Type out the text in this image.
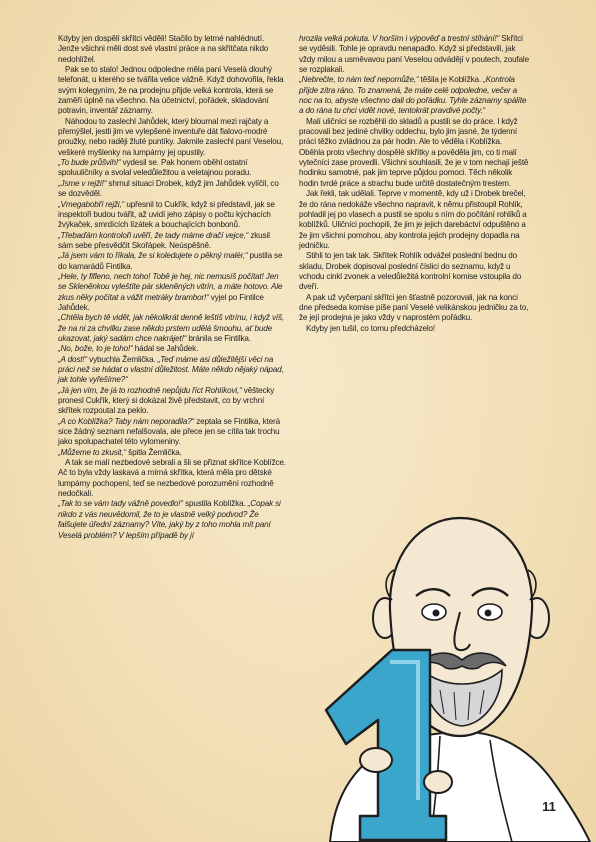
Kdyby jen dospělí skřítci věděli! Stačilo by letmé nahlédnutí. Jenže všichni měli dost své vlastní práce a na skřítčata nikdo nedohlížel.

Pak se to stalo! Jednou odpoledne měla paní Veselá dlouhý telefonát, u kterého se tvářila velice vážně. Když dohovořila, řekla svým kolegyním, že na prodejnu přijde velká kontrola, která se zaměří úplně na všechno. Na účetnictví, pořádek, skladování potravin, inventář záznamy.

Náhodou to zaslechl Jahůdek, který bloumal mezi rajčaty a přemýšlel, jestli jim ve vylepšené inventuře dát fialovo-modré proužky, nebo raději žluté puntíky. Jakmile zaslechl paní Veselou, veškeré myšlenky na lumpárny jej opustily.

„To bude průšvih!“ vydesil se. Pak honem oběhl ostatní spoluuličníky a svolal veledůležitou a veletajnou poradu.

„Jsme v rejži!“ shrnul situaci Drobek, když jim Jahůdek vylíčil, co se dozvěděl.

„Vmegabobří rejži,“ upřesnil to Cukřík, když si představil, jak se inspektoři budou tvářit, až uvidí jeho zápisy o počtu kýchacích žvýkaček, smrdících lízátek a bouchajících bonbonů.

„Třebaďám kontroloři uvěří, že tady máme dračí vejce,“ zkusil sám sebe přesvědčit Skořápek. Neúspěšně.

„Já jsem vám to říkala, že si koledujete o pěkný malér,“ pustila se do kamarádů Fintilka.

„Hele, ty fiflenо, nech toho! Tobě je hej, nic nemusíš počítat! Jen se Skleněnkou vyleštíte pár skleněných vitrín, a máte hotovo. Ale zkus něky počítat a vážit metráky brambor!“ vyjel po Fintilce Jahůdek.

„Chtěla bych tě vidět, jak několikrát denně leštíš vitrínu, i když víš, že na ni za chvilku zase někdo prstem udělá šmouhu, ať bude ukazovat, jaký sadám chce nakrájet!“ bránila se Fintilka.

„No, bože, to je toho!“ hádal se Jahůdek.

„A dost!“ vybuchla Žemlička. „Teď máme asi důležitější věci na práci než se hádat o vlastní důležitost. Máte někdo nějaký nápad, jak tohle vyřešíme?“

„Já jen vím, že já to rozhodně nepůjdu říct Rohlíkovi,“ věštecky pronesl Cukřík, který si dokázal živě představit, co by vrchní skřítek rozpoutal za peklo.

„A co Koblížka? Taby nám neporadila?“ zeptala se Fintilka, která sice žádný seznam nefalšovala, ale přece jen se cítila tak trochu jako spolupachatel této vylomeniny.

„Můžeme to zkusit,“ špitla Žemlička.

A tak se malí nezbedové sebrali a šli se přiznat skřítce Koblížce. Ač to byla vždy laskavá a mírná skřítka, která měla pro dětské lumpárny pochopení, teď se nezbedové porozumění rozhodně nedočkali.

„Tak to se vám tady vážně povedlo!“ spustila Koblížka. „Copak si nikdo z vás neuvědomil, že to je vlastně velký podvod? Že falšujete úřední záznamy? Víte, jaký by z toho mohla mít paní Veselá problém? V lepším případě by jí

hrozila velká pokuta. V horším i výpověď a trestní stíhání!“ Skřítci se vyděsili. Tohle je opravdu nenapadlo. Když si představili, jak vždy milou a usměvavou paní Veselou odvádějí v poutech, zoufale se rozplakali.

„Nebrečte, to nám teď nepomůže,“ těšila je Koblížka. „Kontrola přijde zítra ráno. To znamená, že máte celé odpoledne, večer a noc na to, abyste všechno dali do pořádku. Tyhle záznamy spálíte a do rána tu chci vidět nové, tentokrát pravdivé počty.“

Malí uličníci se rozběhli do skladů a pustili se do práce. I když pracovali bez jediné chvilky oddechu, bylo jim jasné, že týdenní práci těžko zvládnou za pár hodin. Ale to věděla i Koblížka. Oběhla proto všechny dospělé skřítky a pověděla jim, co ti malí vytečníci zase provedli. Všichni souhlasili, že je v tom nechají ještě hodinku samotné, pak jim teprve půjdou pomoci. Těch několik hodin tvrdé práce a strachu bude určitě dostatečným trestem.

Jak řekli, tak udělali. Teprve v momentě, kdy už i Drobek brečel, že do rána nedokáže všechno napravit, k němu přistoupil Rohlík, pohladil jej po vlasech a pustil se spolu s ním do počítání rohlíků a koblížků. Uličníci pochopili, že jim je jejich darebáctví odpuštěno a že jim všichni pomohou, aby kontrola jejich prodejny dopadla na jedničku.

Stihli to jen tak tak. Skřítek Rohlík odvážel poslední bednu do skladu, Drobek dopisoval poslední číslici do seznamu, když u vchodu cinkl zvonek a veledůležitá kontrolní komise vstoupila do dveří.

A pak už vyčerpaní skřítci jen šťastně pozorovali, jak na konci dne předseda komise píše paní Veselé velikánskou jedničku za to, že její prodejna je jako vždy v naprostém pořádku.

Kdyby jen tušil, co tomu předcházelo!

11
